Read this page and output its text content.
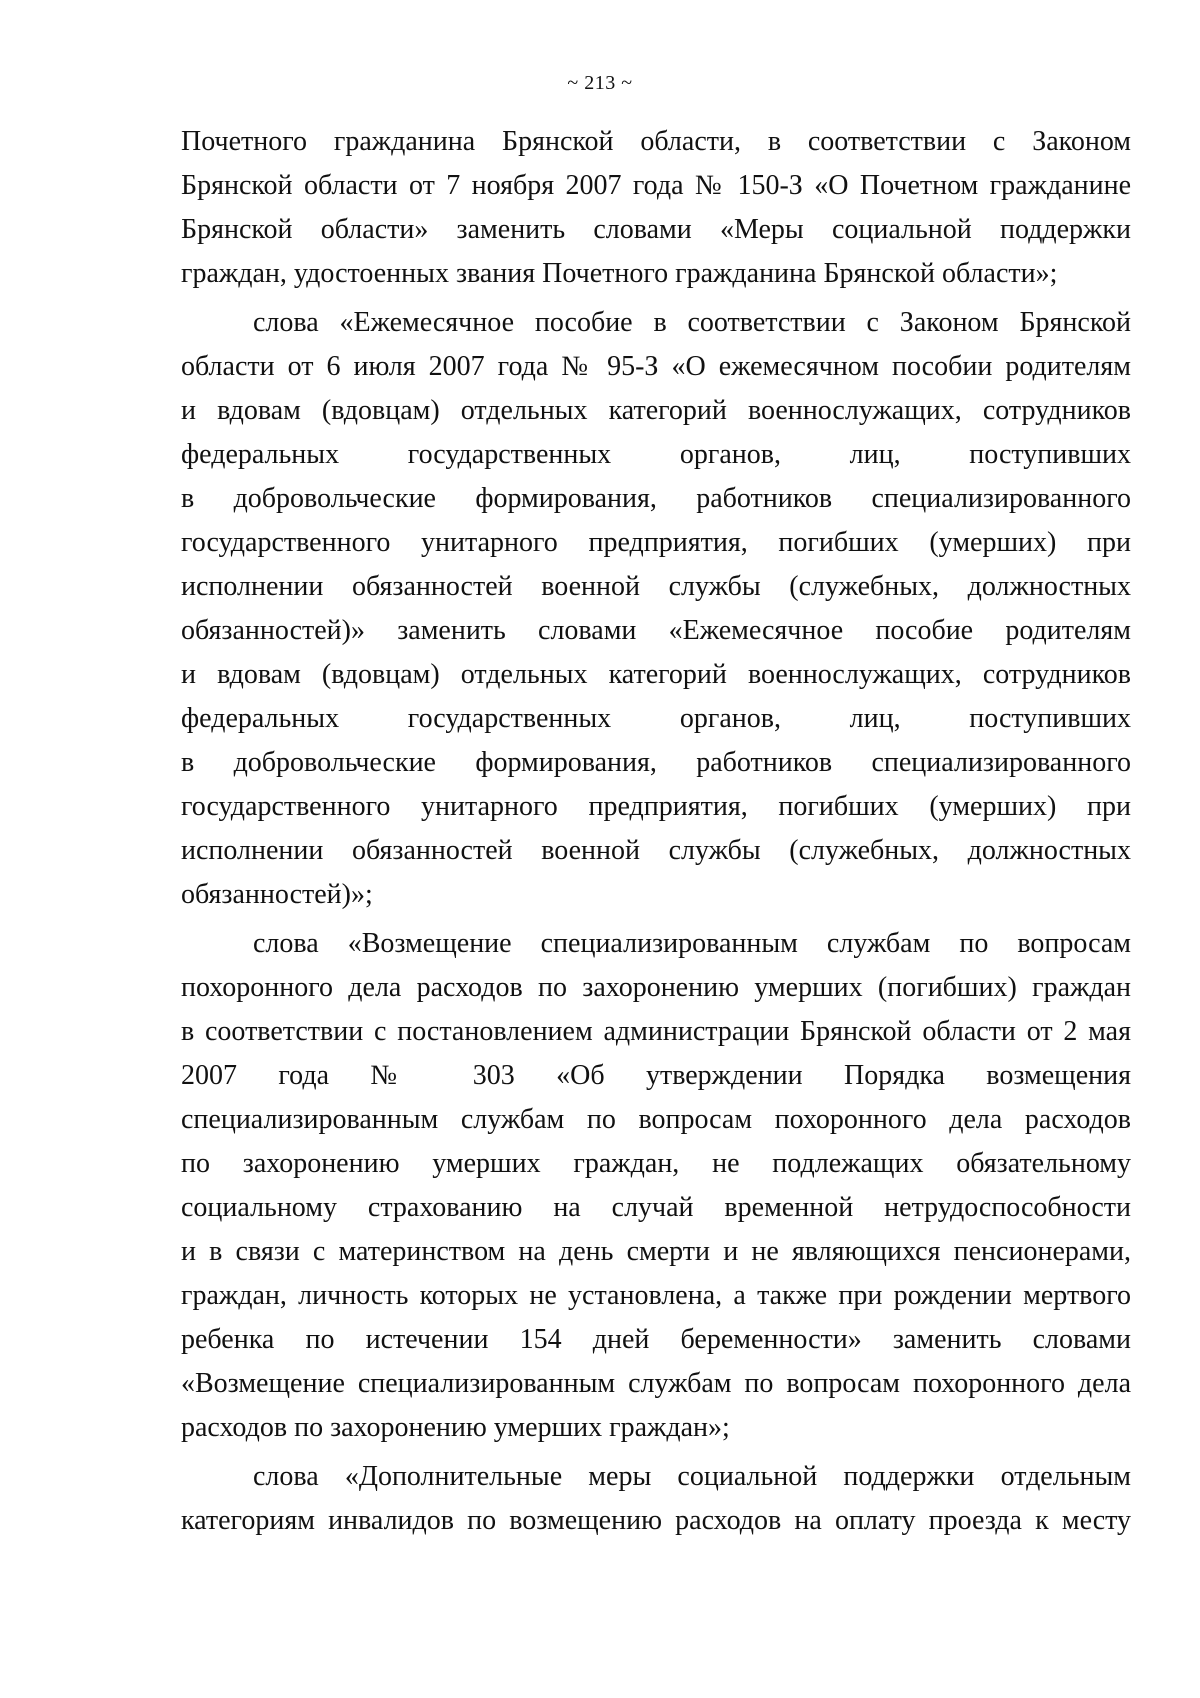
~ 213 ~
Почетного гражданина Брянской области, в соответствии с Законом
Брянской области от 7 ноября 2007 года № 150-З «О Почетном гражданине
Брянской области» заменить словами «Меры социальной поддержки
граждан, удостоенных звания Почетного гражданина Брянской области»;
слова «Ежемесячное пособие в соответствии с Законом Брянской
области от 6 июля 2007 года № 95-З «О ежемесячном пособии родителям
и вдовам (вдовцам) отдельных категорий военнослужащих, сотрудников
федеральных государственных органов, лиц, поступивших
в добровольческие формирования, работников специализированного
государственного унитарного предприятия, погибших (умерших) при
исполнении обязанностей военной службы (служебных, должностных
обязанностей)» заменить словами «Ежемесячное пособие родителям
и вдовам (вдовцам) отдельных категорий военнослужащих, сотрудников
федеральных государственных органов, лиц, поступивших
в добровольческие формирования, работников специализированного
государственного унитарного предприятия, погибших (умерших) при
исполнении обязанностей военной службы (служебных, должностных
обязанностей)»;
слова «Возмещение специализированным службам по вопросам
похоронного дела расходов по захоронению умерших (погибших) граждан
в соответствии с постановлением администрации Брянской области от 2 мая
2007 года № 303 «Об утверждении Порядка возмещения
специализированным службам по вопросам похоронного дела расходов
по захоронению умерших граждан, не подлежащих обязательному
социальному страхованию на случай временной нетрудоспособности
и в связи с материнством на день смерти и не являющихся пенсионерами,
граждан, личность которых не установлена, а также при рождении мертвого
ребенка по истечении 154 дней беременности» заменить словами
«Возмещение специализированным службам по вопросам похоронного дела
расходов по захоронению умерших граждан»;
слова «Дополнительные меры социальной поддержки отдельным
категориям инвалидов по возмещению расходов на оплату проезда к месту
